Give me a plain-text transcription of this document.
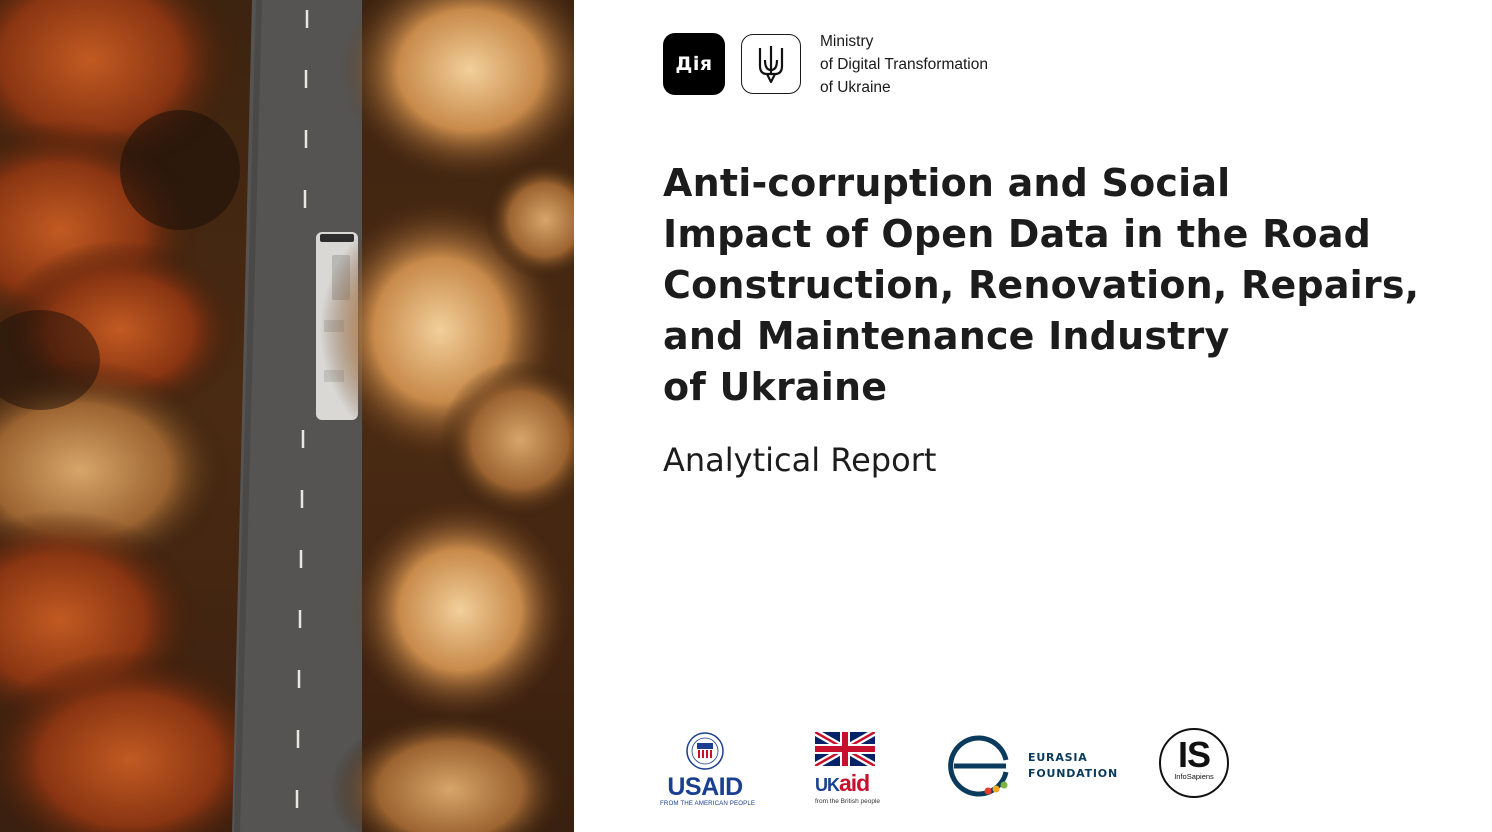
Дія
Ministry
of Digital Transformation
of Ukraine
Anti-corruption and Social
Impact of Open Data in the Road
Construction, Renovation, Repairs,
and Maintenance Industry
of Ukraine
Analytical Report
USAID
FROM THE AMERICAN PEOPLE
UKaid
from the British people
EURASIA
FOUNDATION	IS
InfoSapiens
